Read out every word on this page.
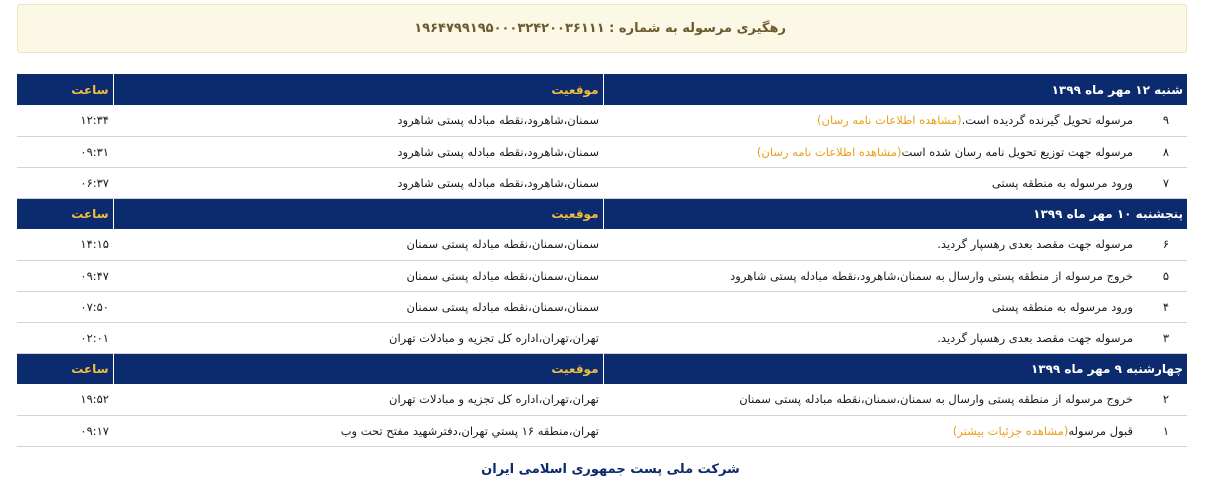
رهگیری مرسوله به شماره : ۱۹۶۴۷۹۹۱۹۵۰۰۰۳۲۴۲۰۰۳۶۱۱۱
شنبه ۱۲ مهر ماه ۱۳۹۹	موقعیت	ساعت
۹مرسوله تحویل گیرنده گردیده است.(مشاهده اطلاعات نامه رسان)	سمنان،شاهرود،نقطه مبادله پستی شاهرود	۱۲:۳۴
۸مرسوله جهت توزیع تحویل نامه رسان شده است(مشاهده اطلاعات نامه رسان)	سمنان،شاهرود،نقطه مبادله پستی شاهرود	۰۹:۳۱
۷ورود مرسوله به منطقه پستی	سمنان،شاهرود،نقطه مبادله پستی شاهرود	۰۶:۳۷
پنجشنبه ۱۰ مهر ماه ۱۳۹۹	موقعیت	ساعت
۶مرسوله جهت مقصد بعدی رهسپار گردید.	سمنان،سمنان،نقطه مبادله پستی سمنان	۱۴:۱۵
۵خروج مرسوله از منطقه پستی وارسال به سمنان،شاهرود،نقطه مبادله پستی شاهرود	سمنان،سمنان،نقطه مبادله پستی سمنان	۰۹:۴۷
۴ورود مرسوله به منطقه پستی	سمنان،سمنان،نقطه مبادله پستی سمنان	۰۷:۵۰
۳مرسوله جهت مقصد بعدی رهسپار گردید.	تهران،تهران،اداره کل تجزیه و مبادلات تهران	۰۲:۰۱
چهارشنبه ۹ مهر ماه ۱۳۹۹	موقعیت	ساعت
۲خروج مرسوله از منطقه پستی وارسال به سمنان،سمنان،نقطه مبادله پستی سمنان	تهران،تهران،اداره کل تجزیه و مبادلات تهران	۱۹:۵۲
۱قبول مرسوله(مشاهده جزئیات بیشتر)	تهران،منطقه ۱۶ پستي تهران،دفترشهید مفتح تحت وب	۰۹:۱۷
شرکت ملی پست جمهوری اسلامی ایران
